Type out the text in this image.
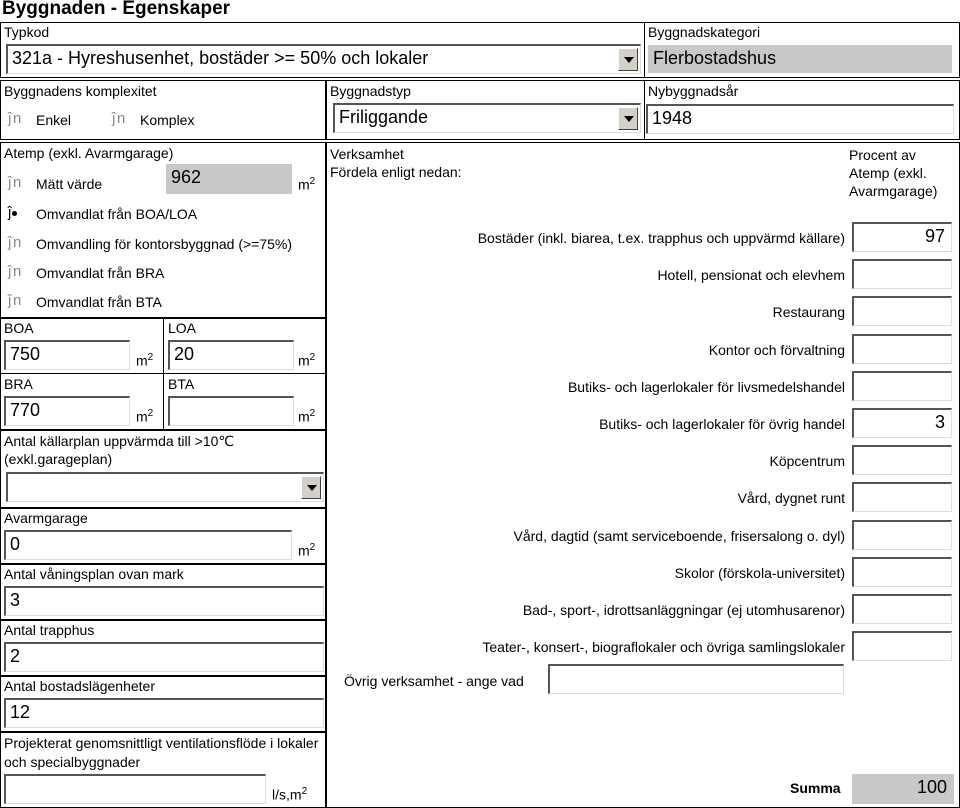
Byggnaden - Egenskaper
Typkod
321a - Hyreshusenhet, bostäder >= 50% och lokaler
Byggnadskategori
Flerbostadshus
Byggnadens komplexitet
ĵ n Enkel	ĵ n Komplex
Byggnadstyp
Friliggande
Nybyggnadsår
1948
Atemp (exkl. Avarmgarage)
ĵ n Mätt värde	962	$m^2$
ĵ	Omvandlat från BOA/LOA
ĵ n Omvandling för kontorsbyggnad (>=75%)
ĵ n Omvandlat från BRA
ĵ n Omvandlat från BTA
BOA
750	$m^2$
LOA
20	$m^2$
BRA
770	$m^2$
BTA
$m^2$
Antal källarplan uppvärmda till >10℃ (exkl.garageplan)
Avarmgarage
0	$m^2$
Antal våningsplan ovan mark
3
Antal trapphus
2
Antal bostadslägenheter
12
Projekterat genomsnittligt ventilationsflöde i lokaler och specialbyggnader
$l/s,m^2$
Verksamhet
Fördela enligt nedan:
Procent av Atemp (exkl. Avarmgarage)
Bostäder (inkl. biarea, t.ex. trapphus och uppvärmd källare)	97
Hotell, pensionat och elevhem
Restaurang
Kontor och förvaltning
Butiks- och lagerlokaler för livsmedelshandel
Butiks- och lagerlokaler för övrig handel	3
Köpcentrum
Vård, dygnet runt
Vård, dagtid (samt serviceboende, frisersalong o. dyl)
Skolor (förskola-universitet)
Bad-, sport-, idrottsanläggningar (ej utomhusarenor)
Teater-, konsert-, biograflokaler och övriga samlingslokaler
Övrig verksamhet - ange vad
Summa	100
